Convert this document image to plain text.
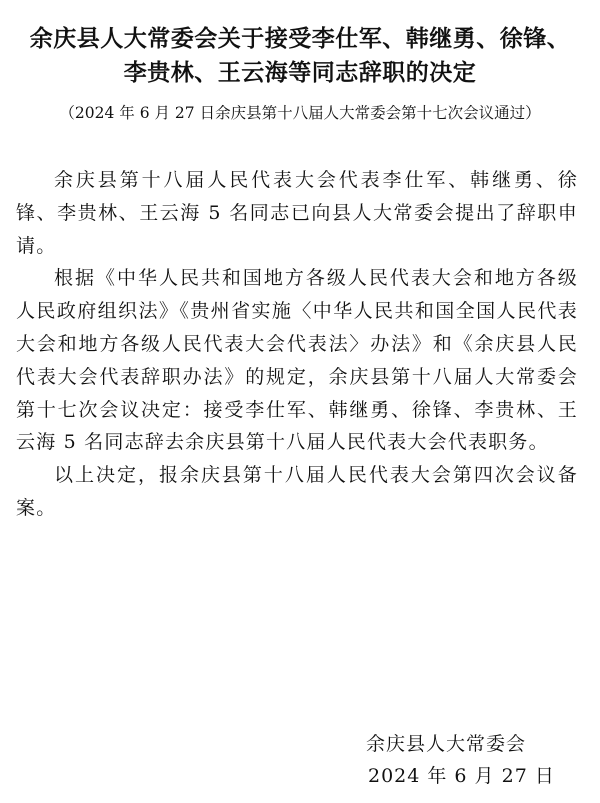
余庆县人大常委会关于接受李仕军、韩继勇、徐锋、
李贵林、王云海等同志辞职的决定
（2024 年 6 月 27 日余庆县第十八届人大常委会第十七次会议通过）

余庆县第十八届人民代表大会代表李仕军、韩继勇、徐锋、李贵林、王云海 5 名同志已向县人大常委会提出了辞职申请。

根据《中华人民共和国地方各级人民代表大会和地方各级人民政府组织法》《贵州省实施〈中华人民共和国全国人民代表大会和地方各级人民代表大会代表法〉办法》和《余庆县人民代表大会代表辞职办法》的规定，余庆县第十八届人大常委会第十七次会议决定：接受李仕军、韩继勇、徐锋、李贵林、王云海 5 名同志辞去余庆县第十八届人民代表大会代表职务。

以上决定，报余庆县第十八届人民代表大会第四次会议备案。

余庆县人大常委会
2024 年 6 月 27 日
